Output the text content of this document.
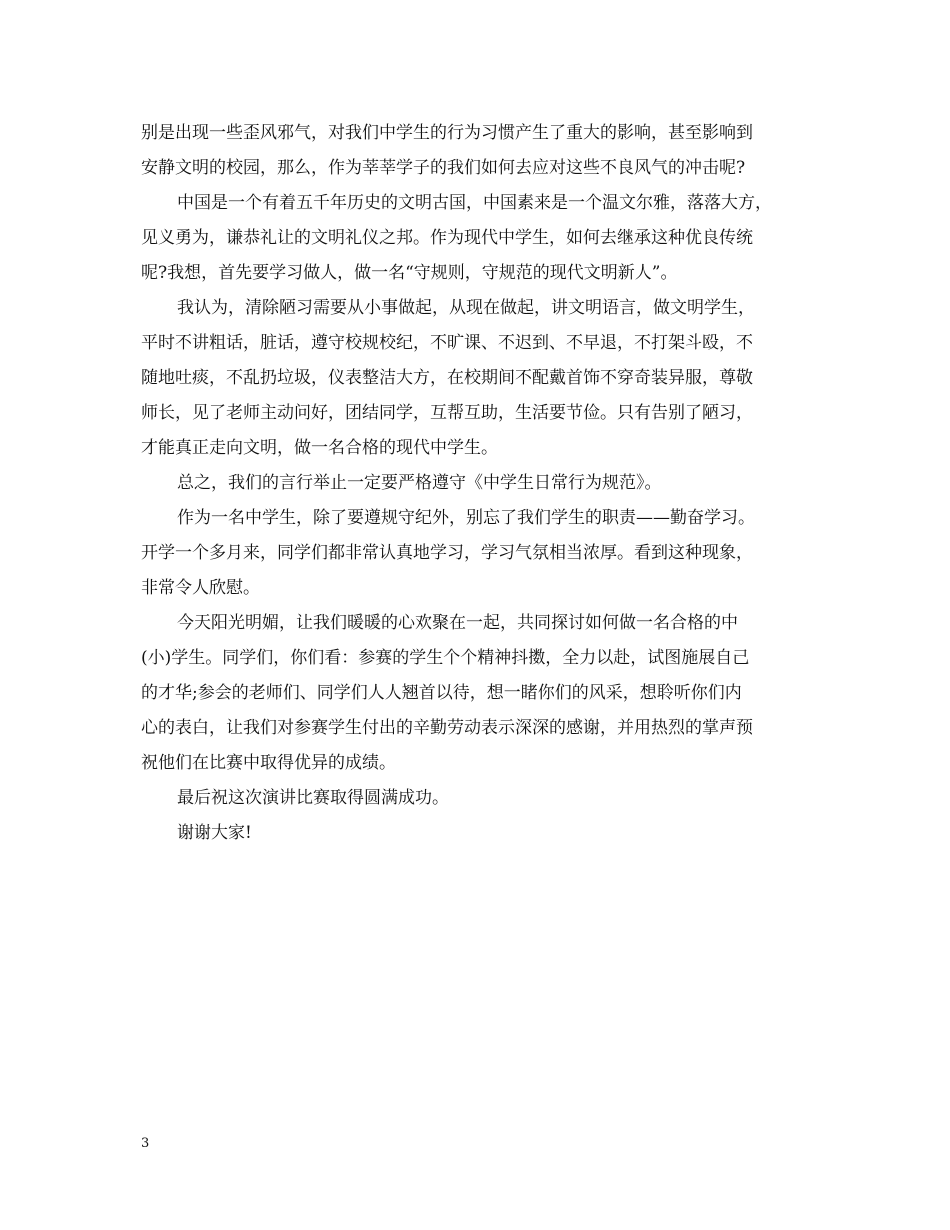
别是出现一些歪风邪气，对我们中学生的行为习惯产生了重大的影响，甚至影响到
安静文明的校园，那么，作为莘莘学子的我们如何去应对这些不良风气的冲击呢?
中国是一个有着五千年历史的文明古国，中国素来是一个温文尔雅，落落大方，
见义勇为，谦恭礼让的文明礼仪之邦。作为现代中学生，如何去继承这种优良传统
呢?我想，首先要学习做人，做一名“守规则，守规范的现代文明新人”。
我认为，清除陋习需要从小事做起，从现在做起，讲文明语言，做文明学生，
平时不讲粗话，脏话，遵守校规校纪，不旷课、不迟到、不早退，不打架斗殴，不
随地吐痰，不乱扔垃圾，仪表整洁大方，在校期间不配戴首饰不穿奇装异服，尊敬
师长，见了老师主动问好，团结同学，互帮互助，生活要节俭。只有告别了陋习，
才能真正走向文明，做一名合格的现代中学生。
总之，我们的言行举止一定要严格遵守《中学生日常行为规范》。
作为一名中学生，除了要遵规守纪外，别忘了我们学生的职责——勤奋学习。
开学一个多月来，同学们都非常认真地学习，学习气氛相当浓厚。看到这种现象，
非常令人欣慰。
今天阳光明媚，让我们暖暖的心欢聚在一起，共同探讨如何做一名合格的中
(小)学生。同学们，你们看：参赛的学生个个精神抖擞，全力以赴，试图施展自己
的才华;参会的老师们、同学们人人翘首以待，想一睹你们的风采，想聆听你们内
心的表白，让我们对参赛学生付出的辛勤劳动表示深深的感谢，并用热烈的掌声预
祝他们在比赛中取得优异的成绩。
最后祝这次演讲比赛取得圆满成功。
谢谢大家!
3
